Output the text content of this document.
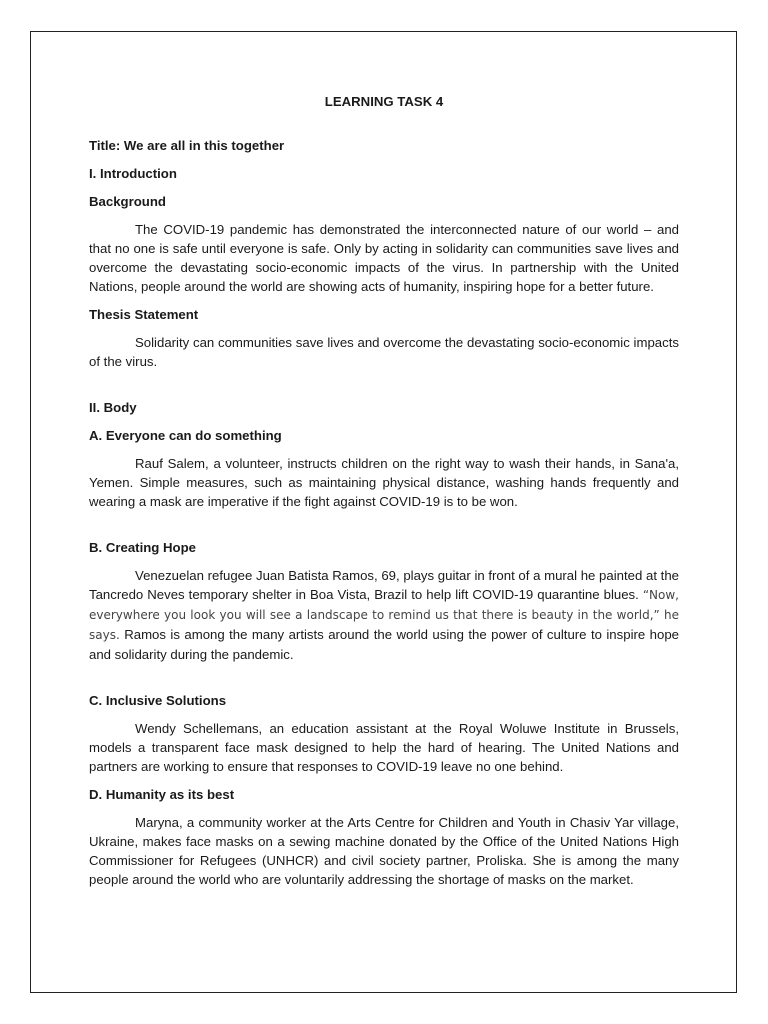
LEARNING TASK 4
Title: We are all in this together
I. Introduction
Background

The COVID-19 pandemic has demonstrated the interconnected nature of our world – and that no one is safe until everyone is safe. Only by acting in solidarity can communities save lives and overcome the devastating socio-economic impacts of the virus. In partnership with the United Nations, people around the world are showing acts of humanity, inspiring hope for a better future.

Thesis Statement

Solidarity can communities save lives and overcome the devastating socio-economic impacts of the virus.

II. Body
A. Everyone can do something

Rauf Salem, a volunteer, instructs children on the right way to wash their hands, in Sana'a, Yemen. Simple measures, such as maintaining physical distance, washing hands frequently and wearing a mask are imperative if the fight against COVID-19 is to be won.

B. Creating Hope

Venezuelan refugee Juan Batista Ramos, 69, plays guitar in front of a mural he painted at the Tancredo Neves temporary shelter in Boa Vista, Brazil to help lift COVID-19 quarantine blues. “Now, everywhere you look you will see a landscape to remind us that there is beauty in the world,” he says. Ramos is among the many artists around the world using the power of culture to inspire hope and solidarity during the pandemic.

C. Inclusive Solutions

Wendy Schellemans, an education assistant at the Royal Woluwe Institute in Brussels, models a transparent face mask designed to help the hard of hearing. The United Nations and partners are working to ensure that responses to COVID-19 leave no one behind.

D. Humanity as its best

Maryna, a community worker at the Arts Centre for Children and Youth in Chasiv Yar village, Ukraine, makes face masks on a sewing machine donated by the Office of the United Nations High Commissioner for Refugees (UNHCR) and civil society partner, Proliska. She is among the many people around the world who are voluntarily addressing the shortage of masks on the market.
